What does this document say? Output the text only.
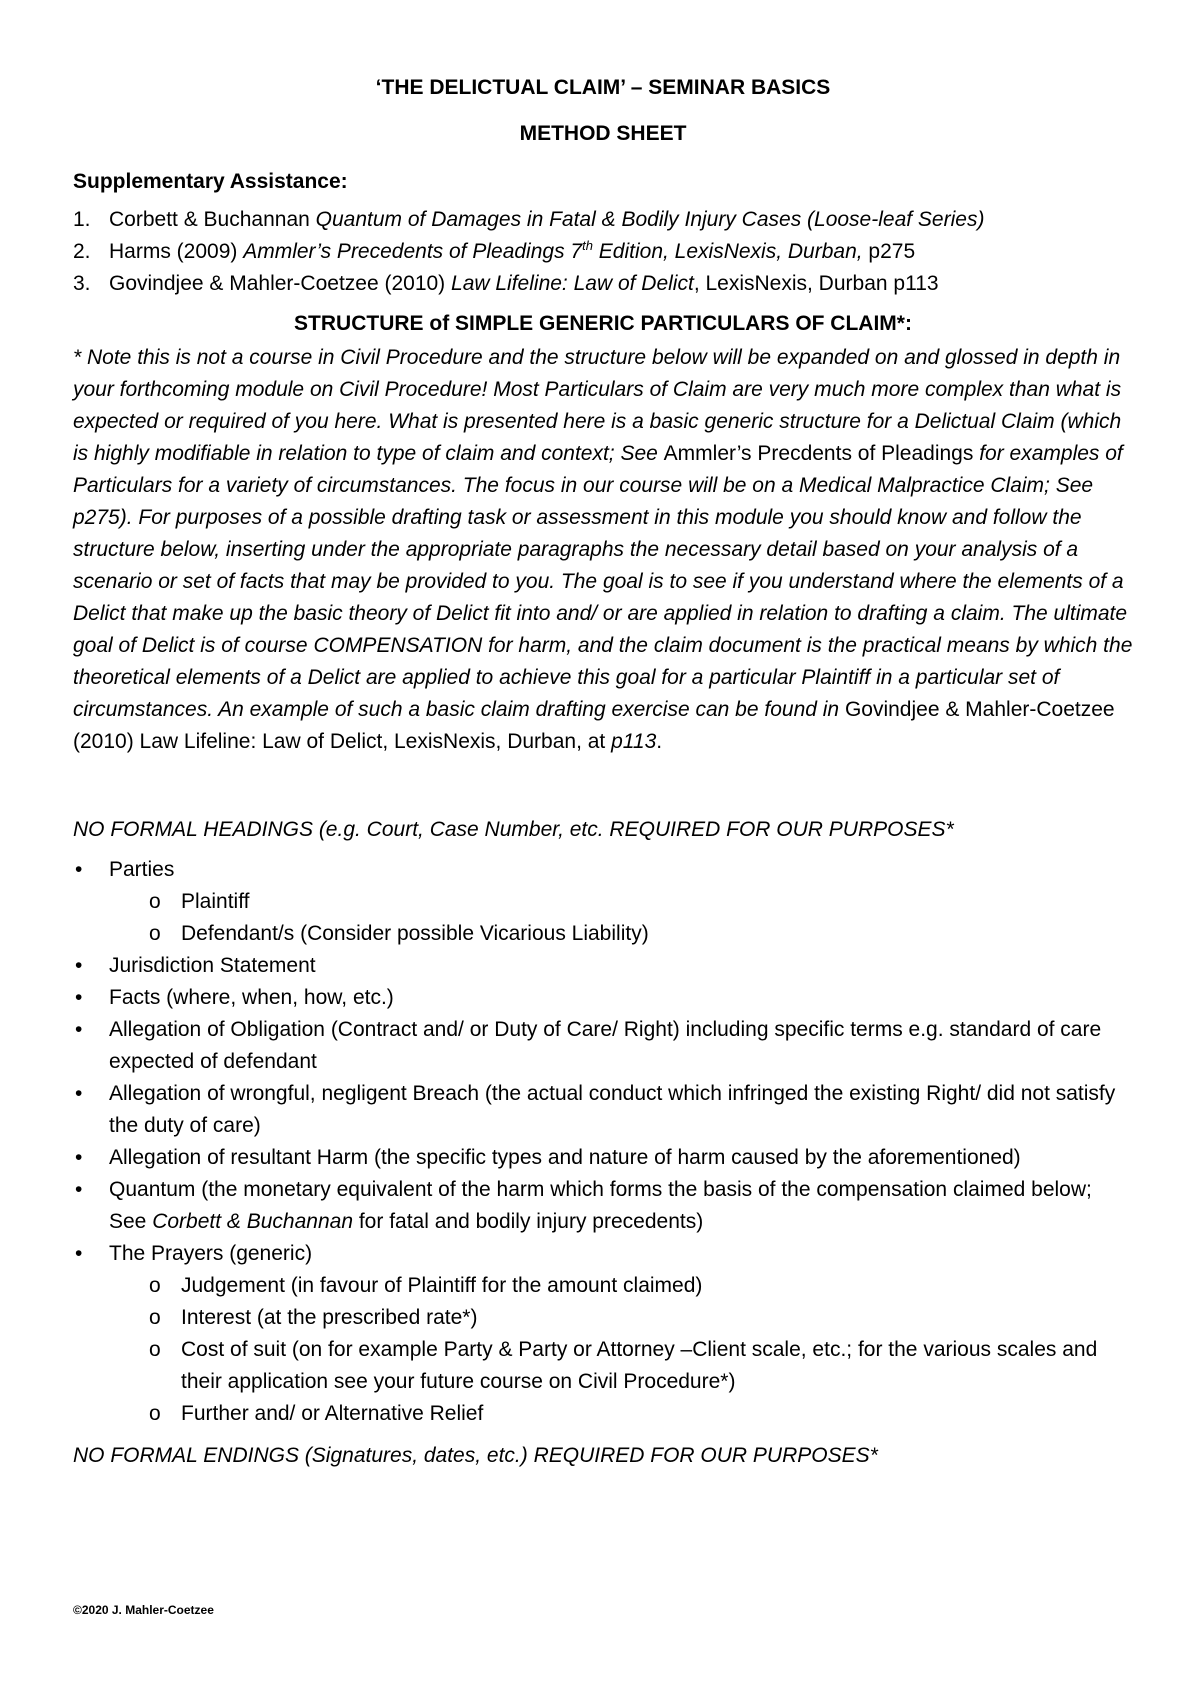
‘THE DELICTUAL CLAIM’ – SEMINAR BASICS

METHOD SHEET

Supplementary Assistance:

1. Corbett & Buchannan Quantum of Damages in Fatal & Bodily Injury Cases (Loose-leaf Series)
2. Harms (2009) Ammler’s Precedents of Pleadings 7th Edition, LexisNexis, Durban, p275
3. Govindjee & Mahler-Coetzee (2010) Law Lifeline: Law of Delict, LexisNexis, Durban p113

STRUCTURE of SIMPLE GENERIC PARTICULARS OF CLAIM*:

* Note this is not a course in Civil Procedure and the structure below will be expanded on and glossed in depth in your forthcoming module on Civil Procedure! Most Particulars of Claim are very much more complex than what is expected or required of you here. What is presented here is a basic generic structure for a Delictual Claim (which is highly modifiable in relation to type of claim and context; See Ammler’s Precdents of Pleadings for examples of Particulars for a variety of circumstances. The focus in our course will be on a Medical Malpractice Claim; See p275). For purposes of a possible drafting task or assessment in this module you should know and follow the structure below, inserting under the appropriate paragraphs the necessary detail based on your analysis of a scenario or set of facts that may be provided to you. The goal is to see if you understand where the elements of a Delict that make up the basic theory of Delict fit into and/ or are applied in relation to drafting a claim. The ultimate goal of Delict is of course COMPENSATION for harm, and the claim document is the practical means by which the theoretical elements of a Delict are applied to achieve this goal for a particular Plaintiff in a particular set of circumstances. An example of such a basic claim drafting exercise can be found in Govindjee & Mahler-Coetzee (2010) Law Lifeline: Law of Delict, LexisNexis, Durban, at p113.

NO FORMAL HEADINGS (e.g. Court, Case Number, etc. REQUIRED FOR OUR PURPOSES*

• Parties
o Plaintiff
o Defendant/s (Consider possible Vicarious Liability)
• Jurisdiction Statement
• Facts (where, when, how, etc.)
• Allegation of Obligation (Contract and/ or Duty of Care/ Right) including specific terms e.g. standard of care expected of defendant
• Allegation of wrongful, negligent Breach (the actual conduct which infringed the existing Right/ did not satisfy the duty of care)
• Allegation of resultant Harm (the specific types and nature of harm caused by the aforementioned)
• Quantum (the monetary equivalent of the harm which forms the basis of the compensation claimed below; See Corbett & Buchannan for fatal and bodily injury precedents)
• The Prayers (generic)
o Judgement (in favour of Plaintiff for the amount claimed)
o Interest (at the prescribed rate*)
o Cost of suit (on for example Party & Party or Attorney –Client scale, etc.; for the various scales and their application see your future course on Civil Procedure*)
o Further and/ or Alternative Relief

NO FORMAL ENDINGS (Signatures, dates, etc.) REQUIRED FOR OUR PURPOSES*

©2020 J. Mahler-Coetzee
